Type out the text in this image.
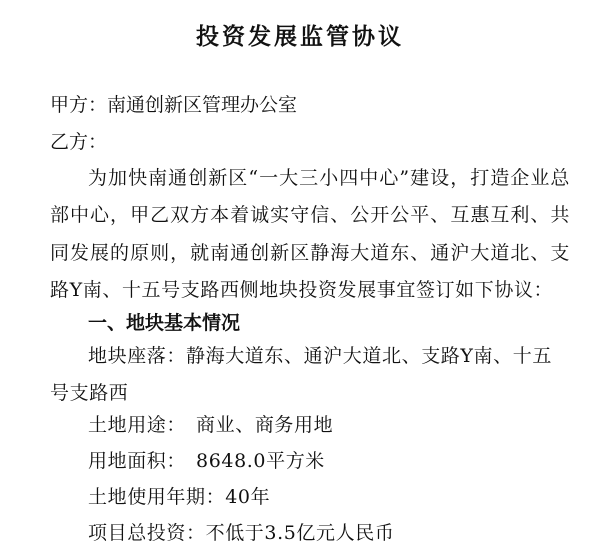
投资发展监管协议
甲方：南通创新区管理办公室
乙方：
为加快南通创新区“一大三小四中心”建设，打造企业总部中心，甲乙双方本着诚实守信、公开公平、互惠互利、共同发展的原则，就南通创新区静海大道东、通沪大道北、支路Y南、十五号支路西侧地块投资发展事宜签订如下协议：
一、地块基本情况
地块座落：静海大道东、通沪大道北、支路Y南、十五号支路西
土地用途： 商业、商务用地
用地面积： 8648.0平方米
土地使用年期：40年
项目总投资：不低于3.5亿元人民币
